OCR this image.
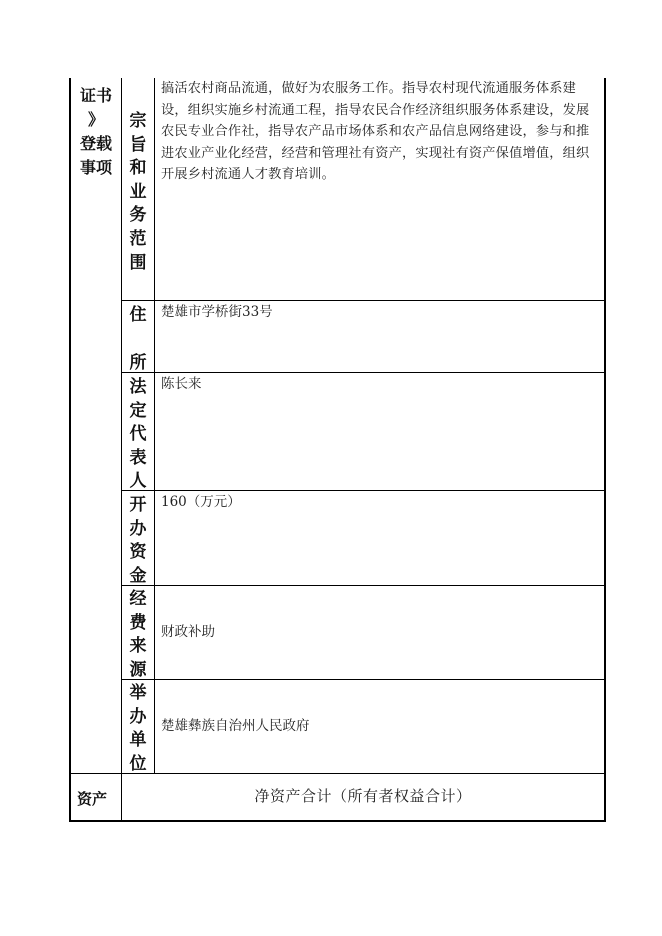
证书
》
登载
事项
宗
旨
和
业
务
范
围
住
所
法
定
代
表
人
开
办
资
金
经
费
来
源
举
办
单
位
搞活农村商品流通，做好为农服务工作。指导农村现代流通服务体系建设，组织实施乡村流通工程，指导农民合作经济组织服务体系建设，发展农民专业合作社，指导农产品市场体系和农产品信息网络建设，参与和推进农业产业化经营，经营和管理社有资产，实现社有资产保值增值，组织开展乡村流通人才教育培训。
楚雄市学桥街33号
陈长来
160（万元）
财政补助
楚雄彝族自治州人民政府
资产	净资产合计（所有者权益合计）
